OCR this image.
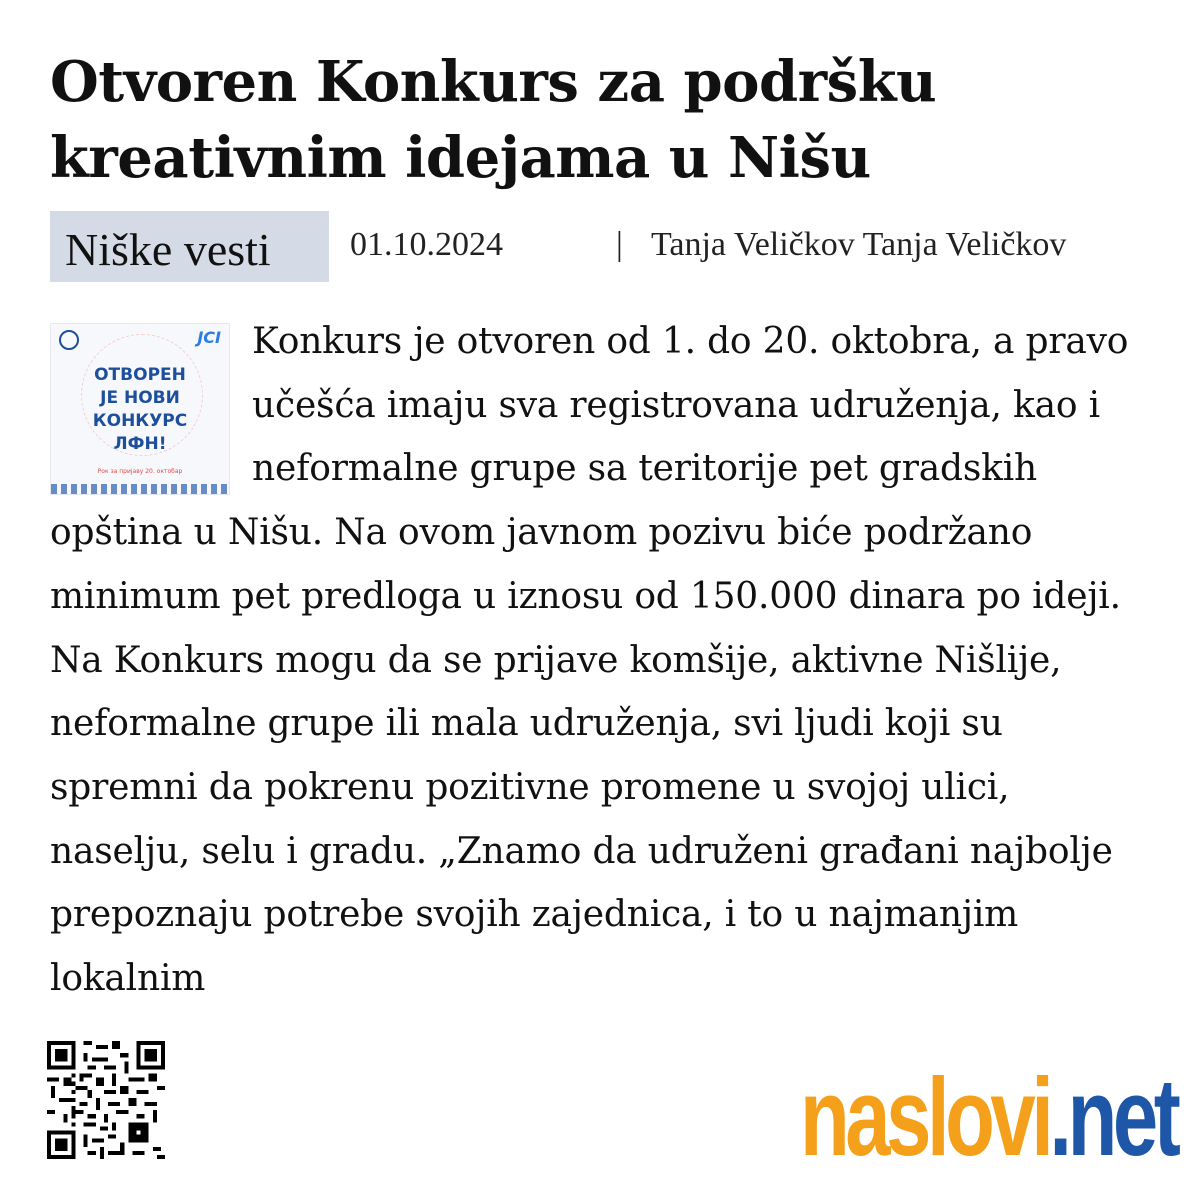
Otvoren Konkurs za podršku kreativnim idejama u Nišu
Niške vesti	01.10.2024	| Tanja Veličkov Tanja Veličkov
JCI
ОТВОРЕН
ЈЕ НОВИ
КОНКУРС
ЛФН!
Рок за пријаву 20. октобар
Konkurs je otvoren od 1. do 20. oktobra, a pravo učešća imaju sva registrovana udruženja, kao i neformalne grupe sa teritorije pet gradskih opština u Nišu. Na ovom javnom pozivu biće podržano minimum pet predloga u iznosu od 150.000 dinara po ideji. Na Konkurs mogu da se prijave komšije, aktivne Nišlije, neformalne grupe ili mala udruženja, svi ljudi koji su spremni da pokrenu pozitivne promene u svojoj ulici, naselju, selu i gradu. „Znamo da udruženi građani najbolje prepoznaju potrebe svojih zajednica, i to u najmanjim lokalnim
naslovi.net
